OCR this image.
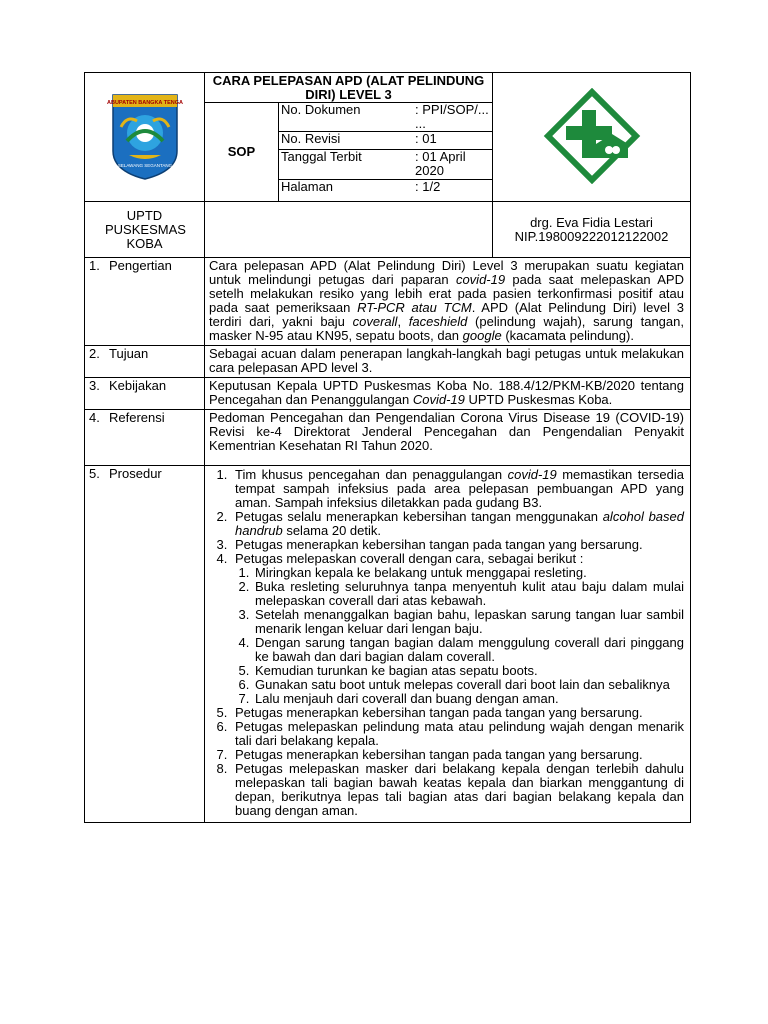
KABUPATEN BANGKA TENGAH
SELAWANG SEGANTANG
	CARA PELEPASAN APD (ALAT PELINDUNG DIRI) LEVEL 3	
SOP	
No. Dokumen	: PPI/SOP/... ...

No. Revisi	: 01

Tanggal Terbit	: 01 April 2020

Halaman	: 1/2

UPTD PUSKESMAS KOBA		
drg. Eva Fidia Lestari
NIP.198009222012122002

1. Pengertian	Cara pelepasan APD (Alat Pelindung Diri) Level 3 merupakan suatu kegiatan untuk melindungi petugas dari paparan covid-19 pada saat melepaskan APD setelh melakukan resiko yang lebih erat pada pasien terkonfirmasi positif atau pada saat pemeriksaan RT-PCR atau TCM. APD (Alat Pelindung Diri) level 3 terdiri dari, yakni baju coverall, faceshield (pelindung wajah), sarung tangan, masker N-95 atau KN95, sepatu boots, dan google (kacamata pelindung).
2. Tujuan	Sebagai acuan dalam penerapan langkah-langkah bagi petugas untuk melakukan cara pelepasan APD level 3.
3. Kebijakan	Keputusan Kepala UPTD Puskesmas Koba No. 188.4/12/PKM-KB/2020 tentang Pencegahan dan Penanggulangan Covid-19 UPTD Puskesmas Koba.
4. Referensi	Pedoman Pencegahan dan Pengendalian Corona Virus Disease 19 (COVID-19) Revisi ke-4 Direktorat Jenderal Pencegahan dan Pengendalian Penyakit Kementrian Kesehatan RI Tahun 2020.
5. Prosedur	
1.Tim khusus pencegahan dan penaggulangan covid-19 memastikan tersedia tempat sampah infeksius pada area pelepasan pembuangan APD yang aman. Sampah infeksius diletakkan pada gudang B3.
2. Petugas selalu menerapkan kebersihan tangan menggunakan alcohol based handrub selama 20 detik.
3. Petugas menerapkan kebersihan tangan pada tangan yang bersarung.
4. Petugas melepaskan coverall dengan cara, sebagai berikut :
1. Miringkan kepala ke belakang untuk menggapai resleting.
2. Buka resleting seluruhnya tanpa menyentuh kulit atau baju dalam mulai melepaskan coverall dari atas kebawah.
3. Setelah menanggalkan bagian bahu, lepaskan sarung tangan luar sambil menarik lengan keluar dari lengan baju.
4. Dengan sarung tangan bagian dalam menggulung coverall dari pinggang ke bawah dan dari bagian dalam coverall.
5. Kemudian turunkan ke bagian atas sepatu boots.
6. Gunakan satu boot untuk melepas coverall dari boot lain dan sebaliknya
7. Lalu menjauh dari coverall dan buang dengan aman.
5. Petugas menerapkan kebersihan tangan pada tangan yang bersarung.
6. Petugas melepaskan pelindung mata atau pelindung wajah dengan menarik tali dari belakang kepala.
7. Petugas menerapkan kebersihan tangan pada tangan yang bersarung.
8. Petugas melepaskan masker dari belakang kepala dengan terlebih dahulu melepaskan tali bagian bawah keatas kepala dan biarkan menggantung di depan, berikutnya lepas tali bagian atas dari bagian belakang kepala dan buang dengan aman.
